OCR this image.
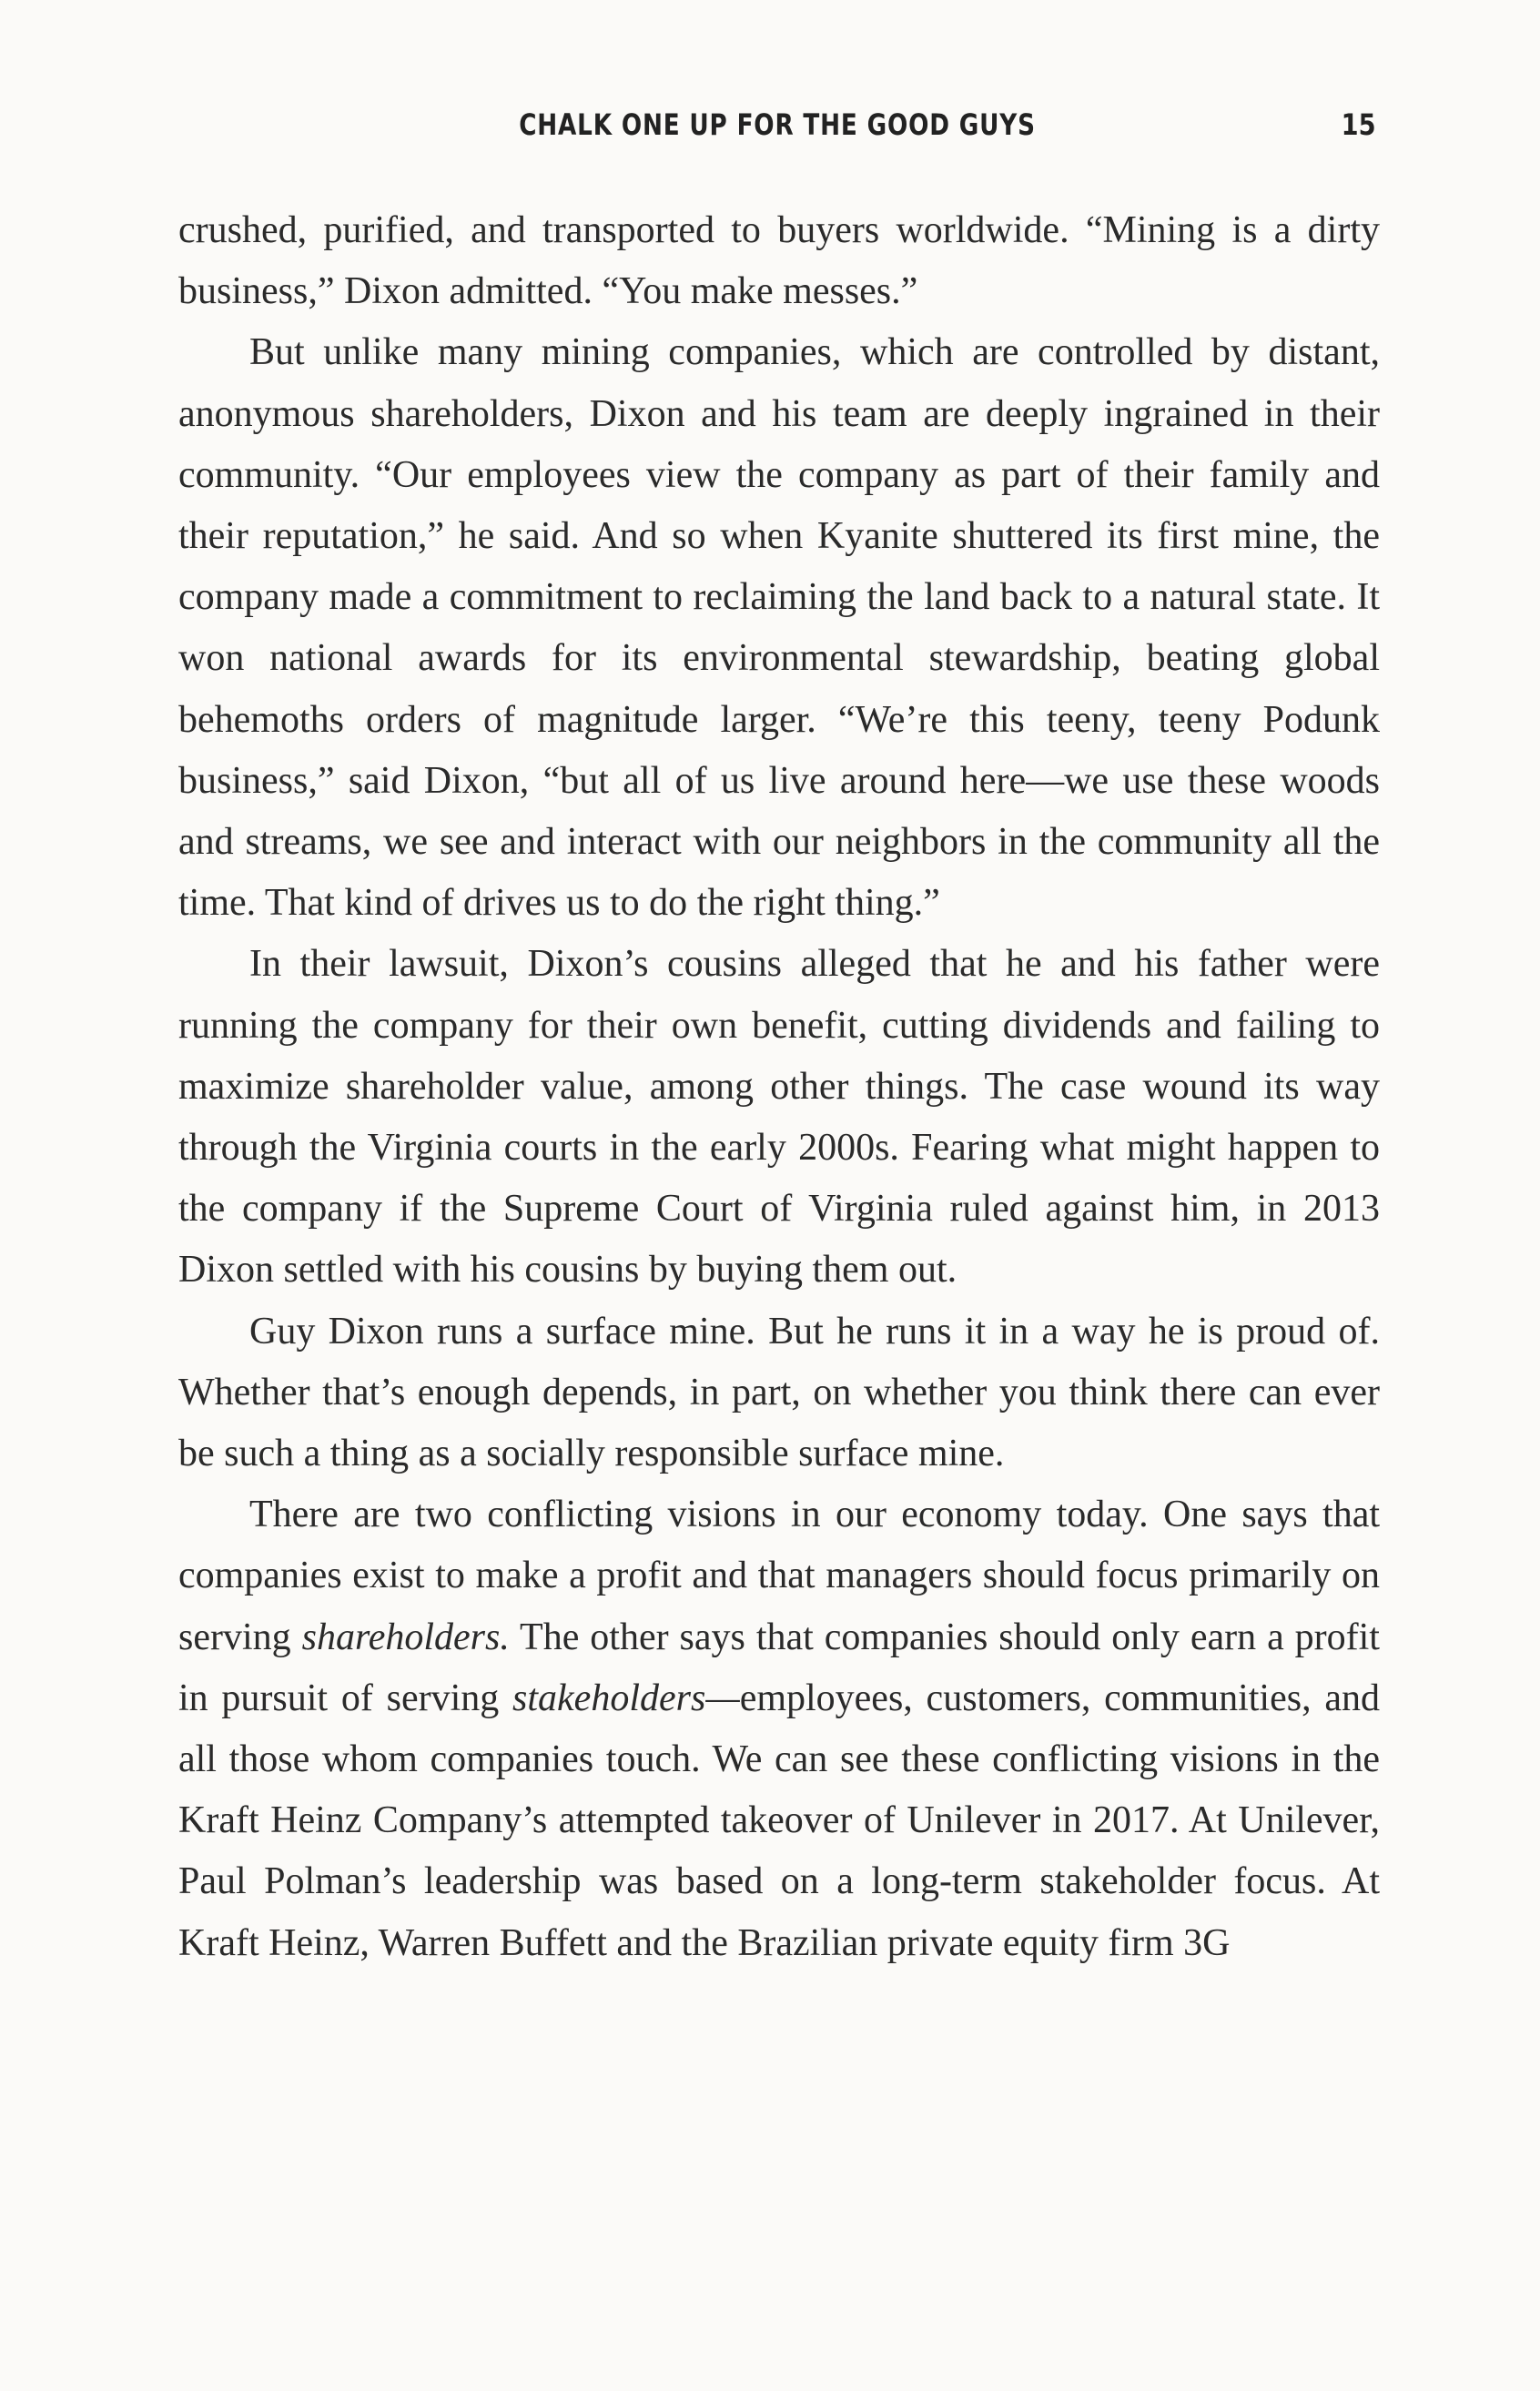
CHALK ONE UP FOR THE GOOD GUYS	15

crushed, purified, and transported to buyers worldwide. “Mining is a dirty business,” Dixon admitted. “You make messes.”

But unlike many mining companies, which are controlled by distant, anonymous shareholders, Dixon and his team are deeply ingrained in their community. “Our employees view the company as part of their family and their reputation,” he said. And so when Kyanite shuttered its first mine, the company made a commitment to reclaiming the land back to a natural state. It won national awards for its environmental stewardship, beating global behemoths orders of magnitude larger. “We’re this teeny, teeny Podunk business,” said Dixon, “but all of us live around here—we use these woods and streams, we see and interact with our neighbors in the community all the time. That kind of drives us to do the right thing.”

In their lawsuit, Dixon’s cousins alleged that he and his father were running the company for their own benefit, cutting dividends and failing to maximize shareholder value, among other things. The case wound its way through the Virginia courts in the early 2000s. Fearing what might happen to the company if the Supreme Court of Virginia ruled against him, in 2013 Dixon settled with his cousins by buying them out.

Guy Dixon runs a surface mine. But he runs it in a way he is proud of. Whether that’s enough depends, in part, on whether you think there can ever be such a thing as a socially responsible surface mine.

There are two conflicting visions in our economy today. One says that companies exist to make a profit and that managers should focus primarily on serving shareholders. The other says that companies should only earn a profit in pursuit of serving stakeholders—employees, customers, communities, and all those whom companies touch. We can see these conflicting visions in the Kraft Heinz Company’s attempted takeover of Unilever in 2017. At Unilever, Paul Polman’s leadership was based on a long-term stakeholder focus. At Kraft Heinz, Warren Buffett and the Brazilian private equity firm 3G
